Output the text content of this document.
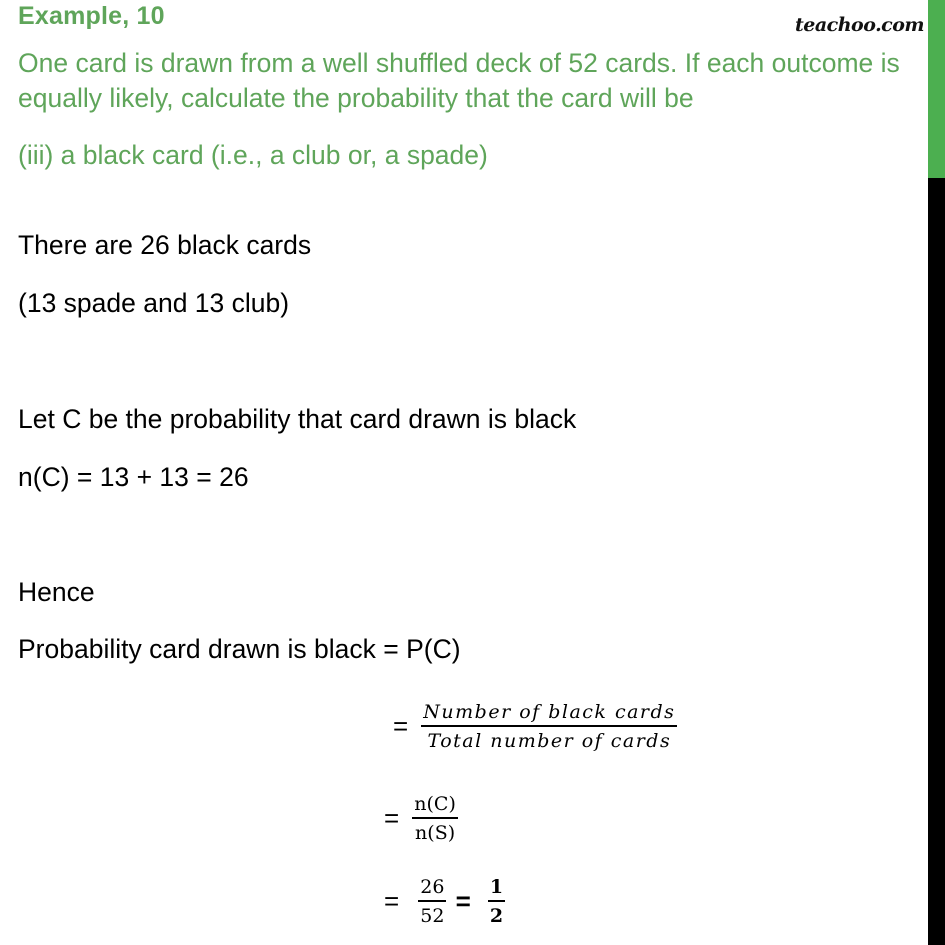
Example, 10	teachoo.com
One card is drawn from a well shuffled deck of 52 cards. If each outcome is equally likely, calculate the probability that the card will be
(iii) a black card (i.e., a club or, a spade)
There are 26 black cards
(13 spade and 13 club)
Let C be the probability that card drawn is black
n(C) = 13 + 13 = 26
Hence
Probability card drawn is black = P(C)
= $\frac{\text{Number of black cards}}{\text{Total number of cards}}$
= $\frac{n(C)}{n(S)}$
= $\frac{26}{52} = \frac{1}{2}$
